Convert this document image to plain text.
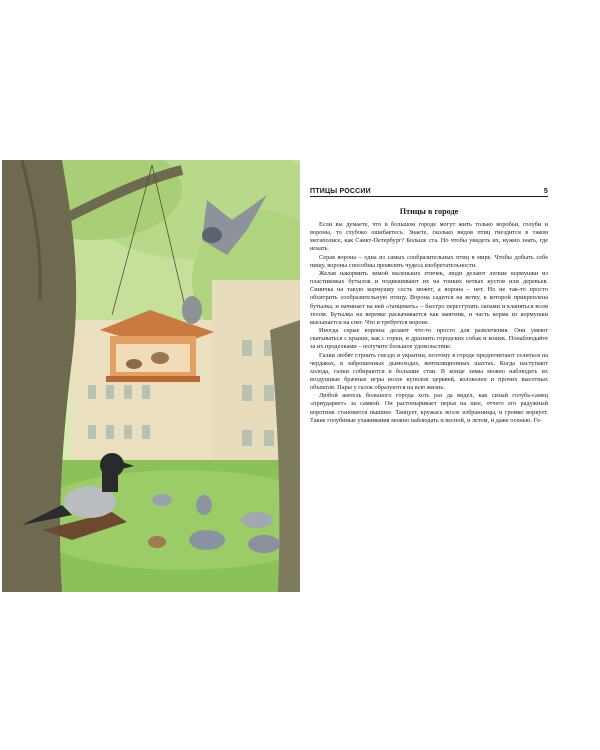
ПТИЦЫ РОССИИ	5
Птицы в городе

Если вы думаете, что в большом городе могут жить только воробьи, голуби и вороны, то глубоко ошибаетесь. Знаете, сколько видов птиц гнездится в таком мегаполисе, как Санкт-Петербург? Больше ста. Но чтобы увидеть их, нужно знать, где искать.

Серая ворона – одна из самых сообразительных птиц в мире. Чтобы добыть себе пищу, вороны способны проявлять чудеса изобретательности.

Желая накормить зимой маленьких птичек, люди делают легкие кормушки из пластиковых бутылок и подвешивают их на тонких ветках кустов или деревьев. Синичка на такую кормушку сесть может, а ворона – нет. Но не так-то просто обхитрить сообразительную птицу. Ворона садится на ветку, к которой прикреплена бутылка, и начинает на ней «танцевать» – быстро переступать лапами и кланяться всем телом. Бутылка на веревке раскачивается как маятник, и часть корма из кормушки высыпается на снег. Что и требуется вороне.

Иногда серые вороны делают что-то просто для развлечения. Они умеют скатываться с крыши, как с горки, и дразнить городских собак и кошек. Понаблюдайте за их проделками – получите большое удовольствие.

Галки любят строить гнездо в укрытии, поэтому в городе предпочитают селиться на чердаках, в заброшенных дымоходах, вентиляционных шахтах. Когда наступают холода, галки собираются в большие стаи. В конце зимы можно наблюдать их воздушные брачные игры возле куполов церквей, колоколен и прочих высотных объектов. Пары у галок образуются на всю жизнь.

Любой житель большого города хоть раз да видел, как сизый голубь-самец «приударяет» за самкой. Он растопыривает перья на шее, отчего его радужный воротник становится пышнее. Танцует, кружась возле избранницы, и громко воркует. Такие голубиные ухаживания можно наблюдать и весной, и летом, и даже осенью. Го-
